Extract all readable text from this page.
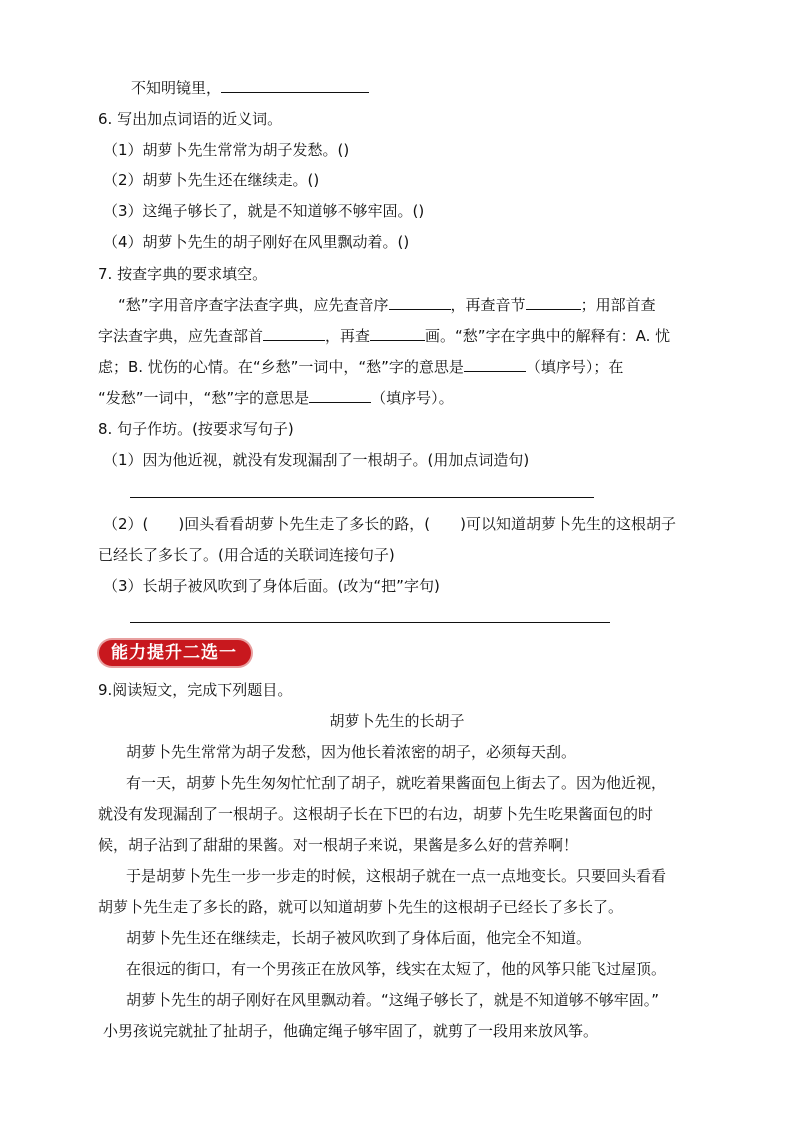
不知明镜里，
6. 写出加点词语的近义词。
（1）胡萝卜先生常常为胡子发愁。()
（2）胡萝卜先生还在继续走。()
（3）这绳子够长了，就是不知道够不够牢固。()
（4）胡萝卜先生的胡子刚好在风里飘动着。()
7. 按查字典的要求填空。
“愁”字用音序查字法查字典，应先查音序	，再查音节	；用部首查
字法查字典，应先查部首	，再查	画。“愁”字在字典中的解释有：A. 忧
虑；B. 忧伤的心情。在“乡愁”一词中，“愁”字的意思是	（填序号）；在
“发愁”一词中，“愁”字的意思是	（填序号）。
8. 句子作坊。(按要求写句子)
（1）因为他近视，就没有发现漏刮了一根胡子。(用加点词造句)
（2）(　　)回头看看胡萝卜先生走了多长的路，(　　)可以知道胡萝卜先生的这根胡子
已经长了多长了。(用合适的关联词连接句子)
（3）长胡子被风吹到了身体后面。(改为“把”字句)
能力提升二选一
9.阅读短文，完成下列题目。
胡萝卜先生的长胡子
胡萝卜先生常常为胡子发愁，因为他长着浓密的胡子，必须每天刮。
有一天，胡萝卜先生匆匆忙忙刮了胡子，就吃着果酱面包上街去了。因为他近视，
就没有发现漏刮了一根胡子。这根胡子长在下巴的右边，胡萝卜先生吃果酱面包的时
候，胡子沾到了甜甜的果酱。对一根胡子来说，果酱是多么好的营养啊！
于是胡萝卜先生一步一步走的时候，这根胡子就在一点一点地变长。只要回头看看
胡萝卜先生走了多长的路，就可以知道胡萝卜先生的这根胡子已经长了多长了。
胡萝卜先生还在继续走，长胡子被风吹到了身体后面，他完全不知道。
在很远的街口，有一个男孩正在放风筝，线实在太短了，他的风筝只能飞过屋顶。
胡萝卜先生的胡子刚好在风里飘动着。“这绳子够长了，就是不知道够不够牢固。”
小男孩说完就扯了扯胡子，他确定绳子够牢固了，就剪了一段用来放风筝。
